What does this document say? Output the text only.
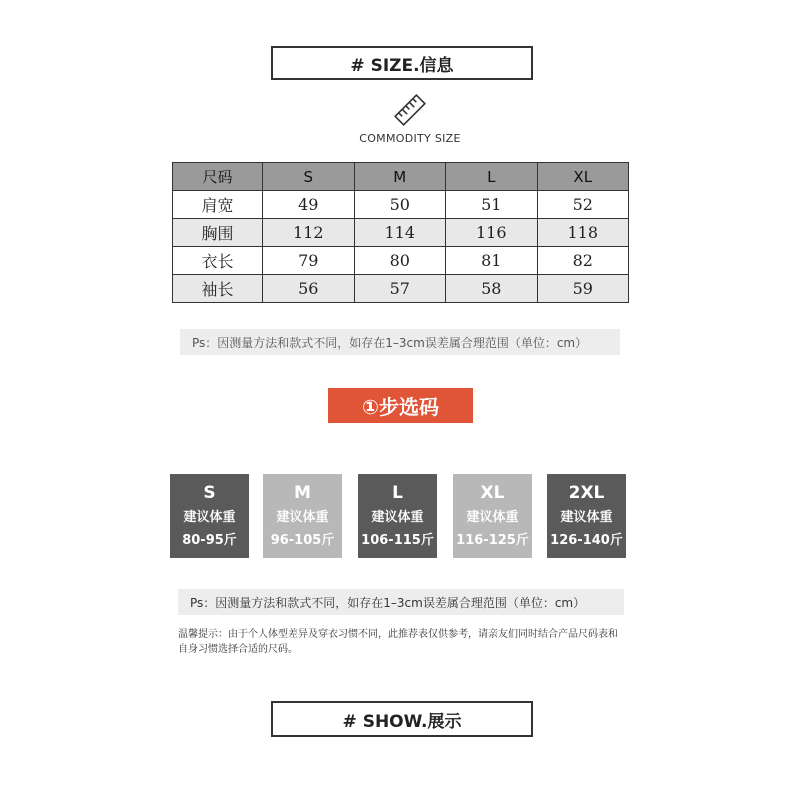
# SIZE.信息
COMMODITY SIZE
尺码	S	M	L	XL
肩宽	49	50	51	52
胸围	112	114	116	118
衣长	79	80	81	82
袖长	56	57	58	59
Ps：因测量方法和款式不同，如存在1–3cm误差属合理范围（单位：cm）
①步选码
S
建议体重
80-95斤
M
建议体重
96-105斤
L
建议体重
106-115斤
XL
建议体重
116-125斤
2XL
建议体重
126-140斤
Ps：因测量方法和款式不同，如存在1–3cm误差属合理范围（单位：cm）
温馨提示：由于个人体型差异及穿衣习惯不同，此推荐表仅供参考，请亲友们同时结合产品尺码表和自身习惯选择合适的尺码。
# SHOW.展示
